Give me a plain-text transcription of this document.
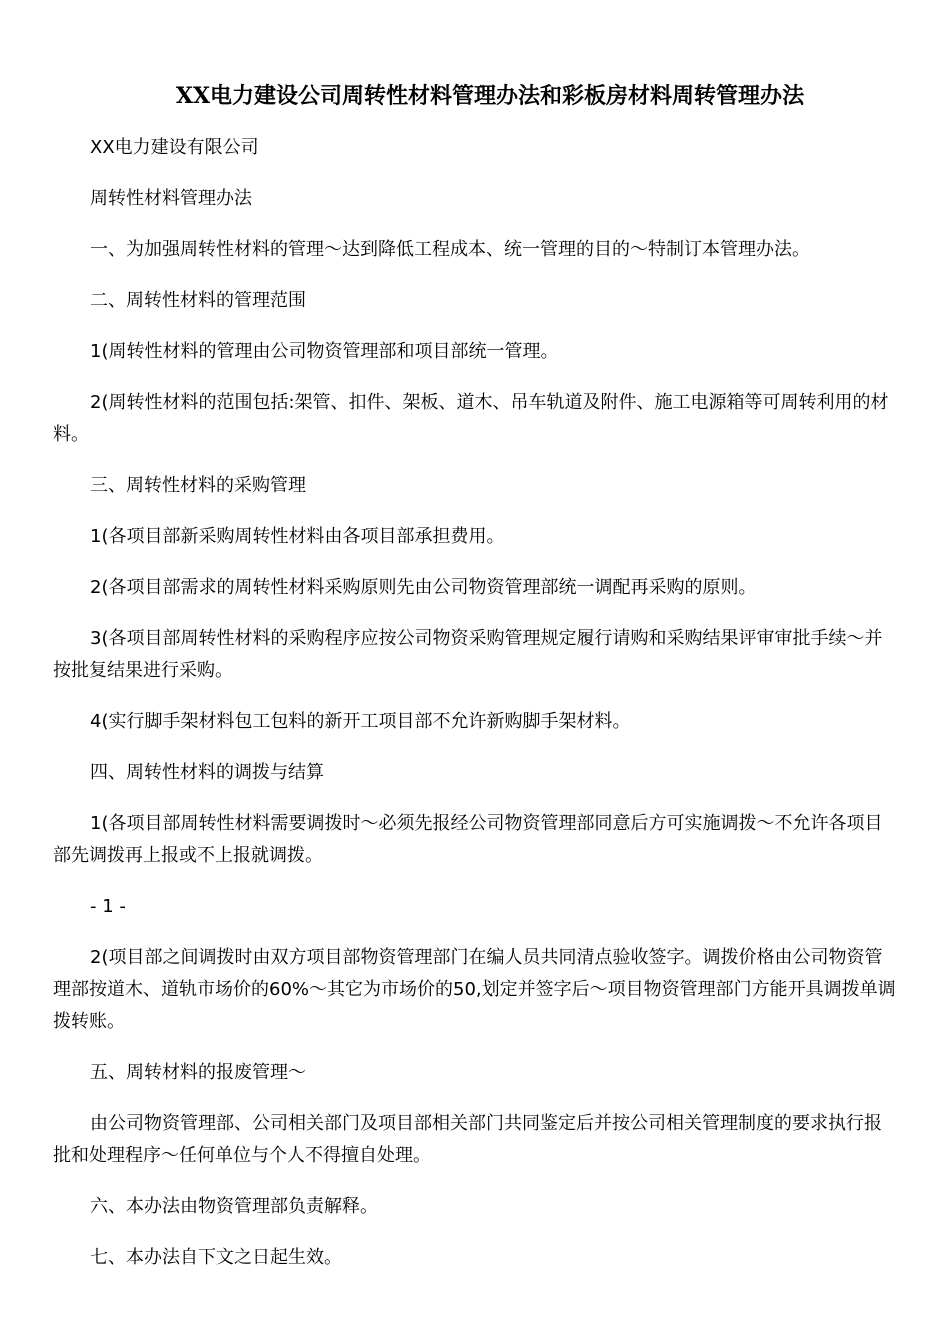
XX电力建设公司周转性材料管理办法和彩板房材料周转管理办法

XX电力建设有限公司

周转性材料管理办法

一、为加强周转性材料的管理～达到降低工程成本、统一管理的目的～特制订本管理办法。

二、周转性材料的管理范围

1(周转性材料的管理由公司物资管理部和项目部统一管理。

2(周转性材料的范围包括:架管、扣件、架板、道木、吊车轨道及附件、施工电源箱等可周转利用的材料。

三、周转性材料的采购管理

1(各项目部新采购周转性材料由各项目部承担费用。

2(各项目部需求的周转性材料采购原则先由公司物资管理部统一调配再采购的原则。

3(各项目部周转性材料的采购程序应按公司物资采购管理规定履行请购和采购结果评审审批手续～并按批复结果进行采购。

4(实行脚手架材料包工包料的新开工项目部不允许新购脚手架材料。

四、周转性材料的调拨与结算

1(各项目部周转性材料需要调拨时～必须先报经公司物资管理部同意后方可实施调拨～不允许各项目部先调拨再上报或不上报就调拨。

- 1 -

2(项目部之间调拨时由双方项目部物资管理部门在编人员共同清点验收签字。调拨价格由公司物资管理部按道木、道轨市场价的60%～其它为市场价的50,划定并签字后～项目物资管理部门方能开具调拨单调拨转账。

五、周转材料的报废管理～

由公司物资管理部、公司相关部门及项目部相关部门共同鉴定后并按公司相关管理制度的要求执行报批和处理程序～任何单位与个人不得擅自处理。

六、本办法由物资管理部负责解释。

七、本办法自下文之日起生效。
